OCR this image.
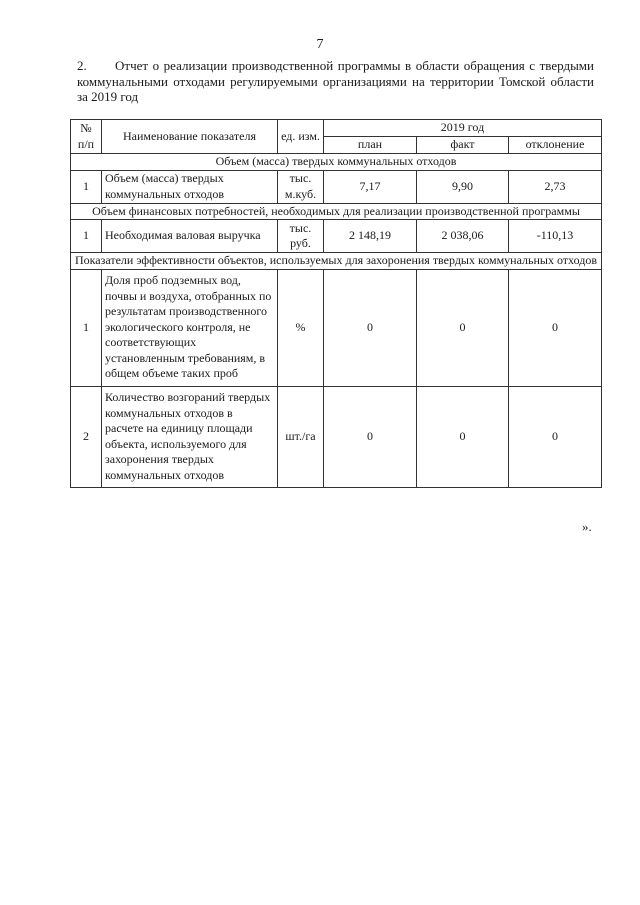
7
2. Отчет о реализации производственной программы в области обращения с твердыми коммунальными отходами регулируемыми организациями на территории Томской области за 2019 год
№ п/п	Наименование показателя	ед. изм.	2019 год		
			план	факт	отклонение
Объем (масса) твердых коммунальных отходов					
1	Объем (масса) твердых коммунальных отходов	тыс. м.куб.	7,17	9,90	2,73
Объем финансовых потребностей, необходимых для реализации производственной программы					
1	Необходимая валовая выручка	тыс. руб.	2 148,19	2 038,06	-110,13
Показатели эффективности объектов, используемых для захоронения твердых коммунальных отходов					
1	Доля проб подземных вод, почвы и воздуха, отобранных по результатам производственного экологического контроля, не соответствующих установленным требованиям, в общем объеме таких проб	%	0	0	0
2	Количество возгораний твердых коммунальных отходов в расчете на единицу площади объекта, используемого для захоронения твердых коммунальных отходов	шт./га	0	0	0
».
